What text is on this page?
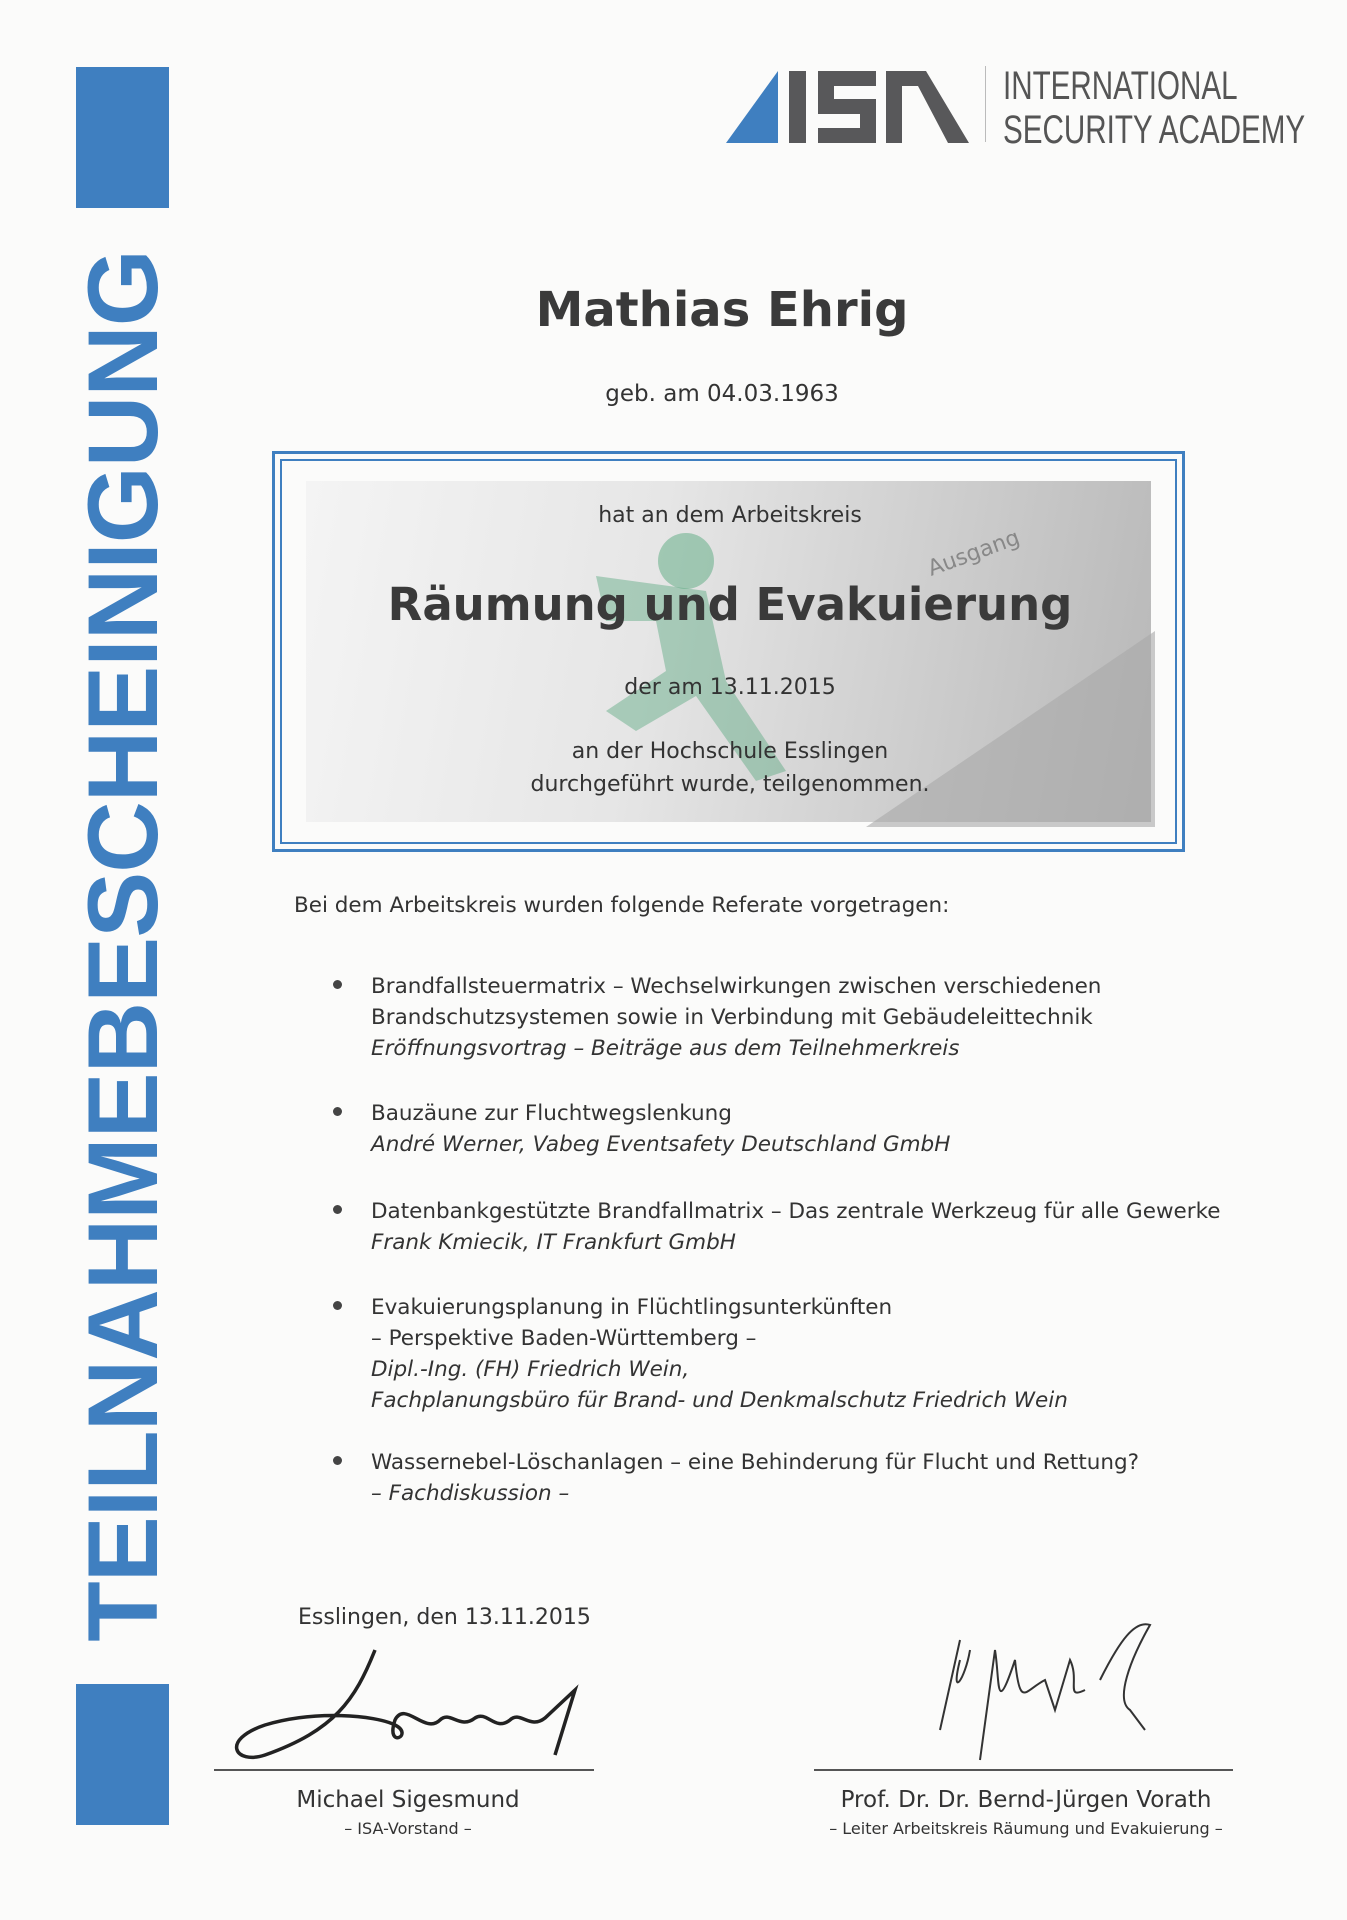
TEILNAHMEBESCHEINIGUNG
INTERNATIONAL
SECURITY ACADEMY
Mathias Ehrig
geb. am 04.03.1963
Ausgang
hat an dem Arbeitskreis
Räumung und Evakuierung
der am 13.11.2015
an der Hochschule Esslingen
durchgeführt wurde, teilgenommen.
Bei dem Arbeitskreis wurden folgende Referate vorgetragen:
Brandfallsteuermatrix – Wechselwirkungen zwischen verschiedenen
Brandschutzsystemen sowie in Verbindung mit Gebäudeleittechnik
Eröffnungsvortrag – Beiträge aus dem Teilnehmerkreis
Bauzäune zur Fluchtwegslenkung
André Werner, Vabeg Eventsafety Deutschland GmbH
Datenbankgestützte Brandfallmatrix – Das zentrale Werkzeug für alle Gewerke
Frank Kmiecik, IT Frankfurt GmbH
Evakuierungsplanung in Flüchtlingsunterkünften
– Perspektive Baden-Württemberg –
Dipl.-Ing. (FH) Friedrich Wein,
Fachplanungsbüro für Brand- und Denkmalschutz Friedrich Wein
Wassernebel-Löschanlagen – eine Behinderung für Flucht und Rettung?
– Fachdiskussion –
Esslingen, den 13.11.2015
Michael Sigesmund
– ISA-Vorstand –
Prof. Dr. Dr. Bernd-Jürgen Vorath
– Leiter Arbeitskreis Räumung und Evakuierung –
